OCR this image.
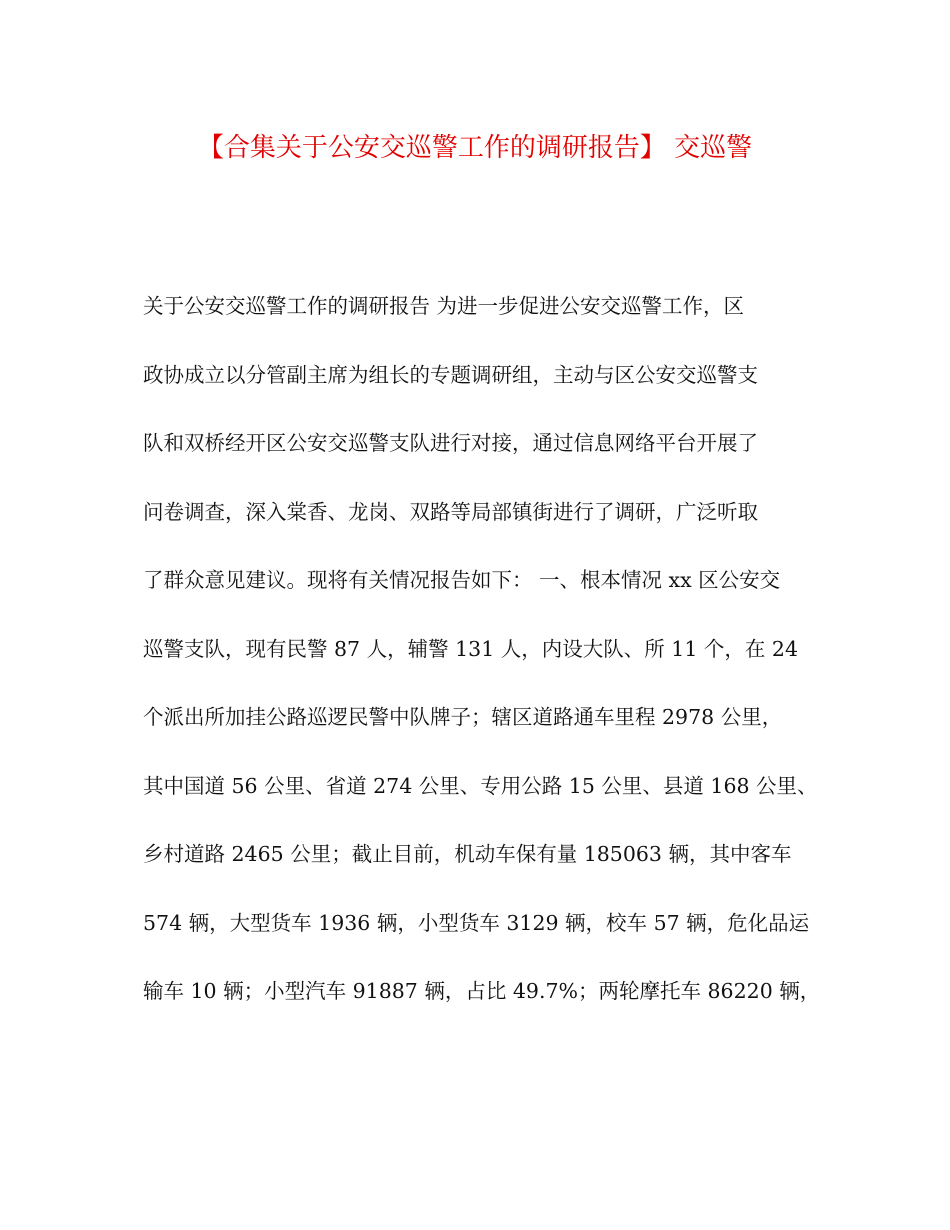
【合集关于公安交巡警工作的调研报告】 交巡警
关于公安交巡警工作的调研报告 为进一步促进公安交巡警工作，区
政协成立以分管副主席为组长的专题调研组，主动与区公安交巡警支
队和双桥经开区公安交巡警支队进行对接，通过信息网络平台开展了
问卷调查，深入棠香、龙岗、双路等局部镇街进行了调研，广泛听取
了群众意见建议。现将有关情况报告如下： 一、根本情况 xx 区公安交
巡警支队，现有民警 87 人，辅警 131 人，内设大队、所 11 个，在 24
个派出所加挂公路巡逻民警中队牌子；辖区道路通车里程 2978 公里，
其中国道 56 公里、省道 274 公里、专用公路 15 公里、县道 168 公里、
乡村道路 2465 公里；截止目前，机动车保有量 185063 辆，其中客车
574 辆，大型货车 1936 辆，小型货车 3129 辆，校车 57 辆，危化品运
输车 10 辆；小型汽车 91887 辆，占比 49.7%；两轮摩托车 86220 辆，
